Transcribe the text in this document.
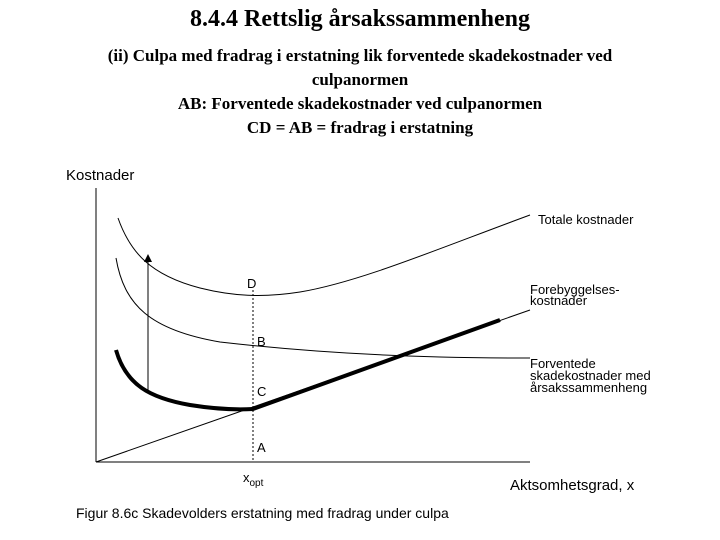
8.4.4 Rettslig årsakssammenheng
(ii) Culpa med fradrag i erstatning lik forventede skadekostnader ved
culpanormen
AB: Forventede skadekostnader ved culpanormen
CD = AB = fradrag i erstatning
Kostnader
Aktsomhetsgrad, x
$x_{opt}$
A
B
C
D
Totale kostnader
Forebyggelses-
kostnader
Forventede
skadekostnader med
årsakssammenheng
Figur 8.6c Skadevolders erstatning med fradrag under culpa
